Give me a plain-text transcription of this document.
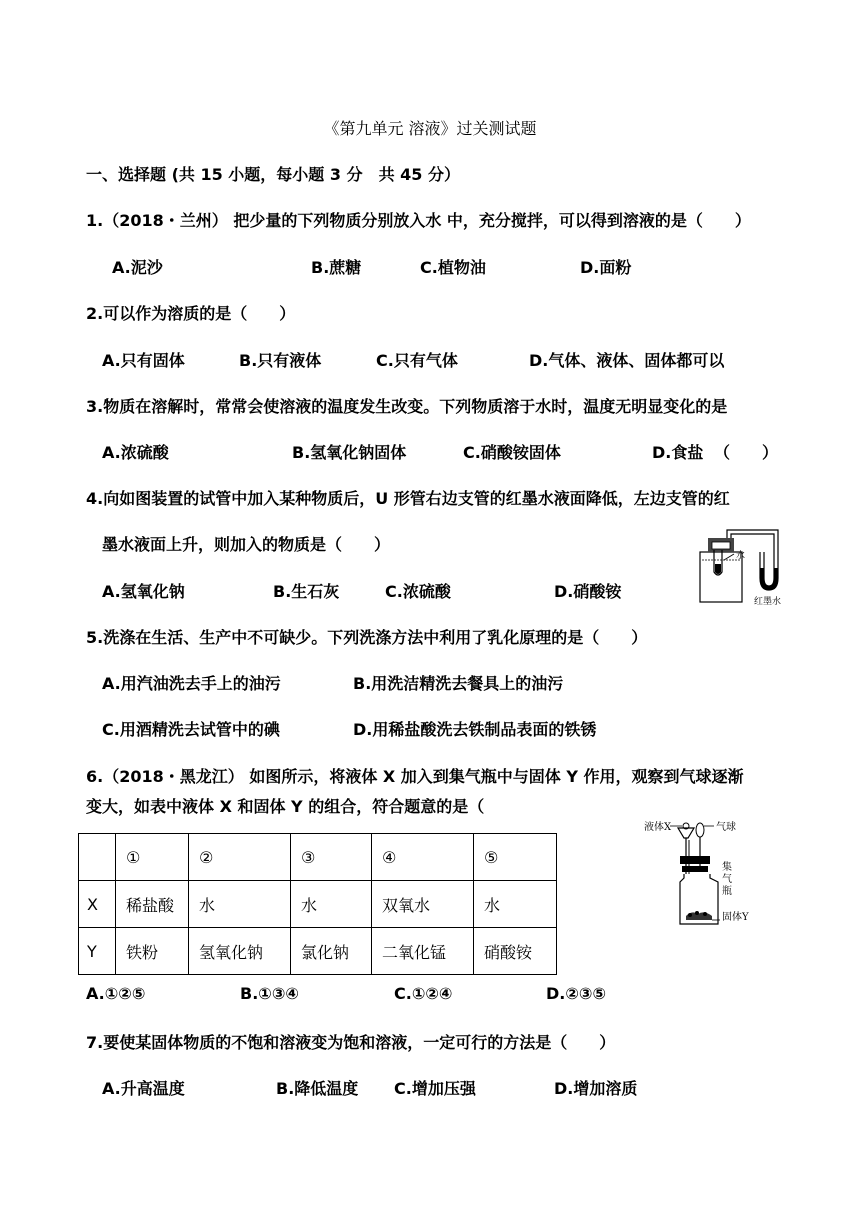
《第九单元 溶液》过关测试题
一、选择题 (共 15 小题，每小题 3 分　共 45 分）
1.（2018・兰州） 把少量的下列物质分别放入水 中，充分搅拌，可以得到溶液的是（　　）
A.泥沙	B.蔗糖	C.植物油	D.面粉
2.可以作为溶质的是（　　）
A.只有固体	B.只有液体	C.只有气体	D.气体、液体、固体都可以
3.物质在溶解时，常常会使溶液的温度发生改变。下列物质溶于水时，温度无明显变化的是
A.浓硫酸	B.氢氧化钠固体	C.硝酸铵固体	D.食盐 （　　）
4.向如图装置的试管中加入某种物质后，U 形管右边支管的红墨水液面降低，左边支管的红
墨水液面上升，则加入的物质是（　　）
A.氢氧化钠	B.生石灰	C.浓硫酸	D.硝酸铵
水
红墨水
5.洗涤在生活、生产中不可缺少。下列洗涤方法中利用了乳化原理的是（　　）
A.用汽油洗去手上的油污	B.用洗洁精洗去餐具上的油污
C.用酒精洗去试管中的碘	D.用稀盐酸洗去铁制品表面的铁锈
6.（2018・黑龙江） 如图所示，将液体 X 加入到集气瓶中与固体 Y 作用，观察到气球逐渐
变大，如表中液体 X 和固体 Y 的组合，符合题意的是（
	①	②	③	④	⑤
X	稀盐酸	水	水	双氧水	水
Y	铁粉	氢氧化钠	氯化钠	二氧化锰	硝酸铵
液体X	气球
固体Y
集气瓶
A.①②⑤	B.①③④	C.①②④	D.②③⑤
7.要使某固体物质的不饱和溶液变为饱和溶液，一定可行的方法是（　　）
A.升高温度	B.降低温度 C.增加压强	D.增加溶质
